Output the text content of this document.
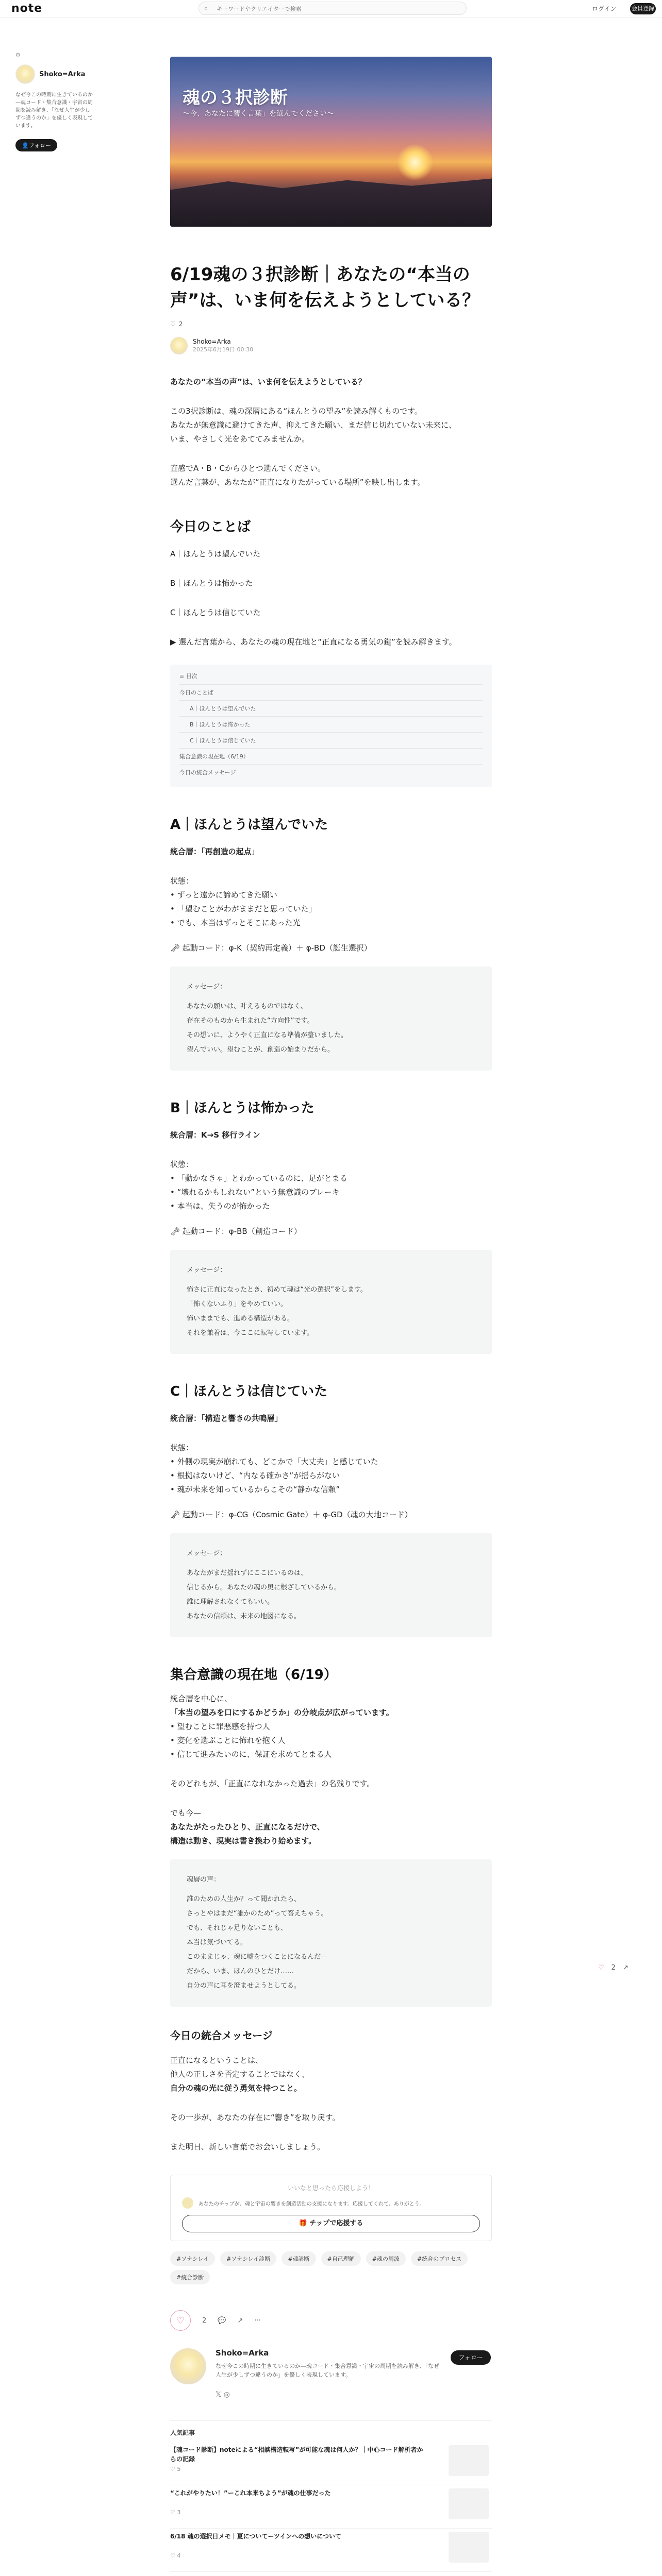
note	⌕
キーワードやクリエイターで検索	ログイン	会員登録
⚙
Shoko=Arka
なぜ今この時期に生きているのか—魂コード・集合意識・宇宙の周期を読み解き、「なぜ人生が少しずつ違うのか」を優しく表現しています。
👤フォロー
魂の３択診断
〜今、あなたに響く言葉」を選んでください〜
6/19魂の３択診断｜あなたの“本当の声”は、いま何を伝えようとしている？
♡ 2
Shoko=Arka
2025年6月19日 00:30

あなたの“本当の声”は、いま何を伝えようとしている？

この3択診断は、魂の深層にある“ほんとうの望み”を読み解くものです。

あなたが無意識に避けてきた声、抑えてきた願い、まだ信じ切れていない未来に、

いま、やさしく光をあててみませんか。

直感でA・B・Cからひとつ選んでください。

選んだ言葉が、あなたが“正直になりたがっている場所”を映し出します。

今日のことば

A｜ほんとうは望んでいた

B｜ほんとうは怖かった

C｜ほんとうは信じていた

▶ 選んだ言葉から、あなたの魂の現在地と“正直になる勇気の鍵”を読み解きます。

≡ 目次
今日のことば
A｜ほんとうは望んでいた
B｜ほんとうは怖かった
C｜ほんとうは信じていた
集合意識の現在地（6/19）
今日の統合メッセージ
A｜ほんとうは望んでいた

統合層：「再創造の起点」

状態：

• ずっと遠かに諦めてきた願い

• 「望むことがわがままだと思っていた」

• でも、本当はずっとそこにあった光

🗝 起動コード：φ-K（契約再定義）＋ φ-BD（誕生選択）

メッセージ：

あなたの願いは、叶えるものではなく、

存在そのものから生まれた“方向性”です。

その想いに、ようやく正直になる準備が整いました。

望んでいい。望むことが、創造の始まりだから。

B｜ほんとうは怖かった

統合層：K→S 移行ライン

状態：

• 「動かなきゃ」とわかっているのに、足がとまる

• “壊れるかもしれない”という無意識のブレーキ

• 本当は、失うのが怖かった

🗝 起動コード：φ-BB（創造コード）

メッセージ：

怖さに正直になったとき、初めて魂は“光の選択”をします。

「怖くないふり」をやめていい。

怖いままでも、進める構造がある。

それを兼着は、今ここに転写しています。

C｜ほんとうは信じていた

統合層：「構造と響きの共鳴層」

状態：

• 外側の現実が崩れても、どこかで「大丈夫」と感じていた

• 根拠はないけど、“内なる確かさ”が揺らがない

• 魂が未来を知っているからこその“静かな信頼”

🗝 起動コード：φ-CG（Cosmic Gate）＋ φ-GD（魂の大地コード）

メッセージ：

あなたがまだ揺れずにここにいるのは、

信じるから。あなたの魂の奥に根ざしているから。

誰に理解されなくてもいい。

あなたの信頼は、未来の地図になる。

集合意識の現在地（6/19）

統合層を中心に、

「本当の望みを口にするかどうか」の分岐点が広がっています。

• 望むことに罪悪感を持つ人

• 変化を選ぶことに怖れを抱く人

• 信じて進みたいのに、保証を求めてとまる人

そのどれもが、「正直になれなかった過去」の名残りです。

でも今—

あなたがたったひとり、正直になるだけで、

構造は動き、現実は書き換わり始めます。

魂層の声：

誰のための人生か？って聞かれたら、

さっとやはまだ“誰かのため”って答えちゃう。

でも、それじゃ足りないことも、

本当は気づいてる。

このままじゃ、魂に嘘をつくことになるんだ—

だから、いま、ほんのひとだけ……

自分の声に耳を澄ませようとしてる。

今日の統合メッセージ

正直になるということは、

他人の正しさを否定することではなく、

自分の魂の光に従う勇気を持つこと。

その一歩が、あなたの存在に“響き”を取り戻す。

また明日、新しい言葉でお会いしましょう。

いいなと思ったら応援しよう！
あなたのチップが、魂と宇宙の響きを創造活動の支援になります。応援してくれて、ありがとう。
🎁 チップで応援する
#ソナシレイ	#ソナシレイ診断	#魂診断	#自己理解	#魂の周波	#統合のプロセス
#統合診断
♡	2 💬 ↗ ···
Shoko=Arka
なぜ今この時期に生きているのか—魂コード・集合意識・宇宙の周期を読み解き、「なぜ人生が少しずつ違うのか」を優しく表現しています。
𝕏 ◎
フォロー
人気記事
【魂コード診断】noteによる“相談構造転写”が可能な魂は何人か？｜中心コード解析者からの記録
♡ 5
“これがやりたい！”ーこれ本来ちよう”が魂の仕事だった
♡ 3
6/18 魂の選択日メモ｜夏についてーツインへの想いについて
♡ 4
♡ 2 ↗
